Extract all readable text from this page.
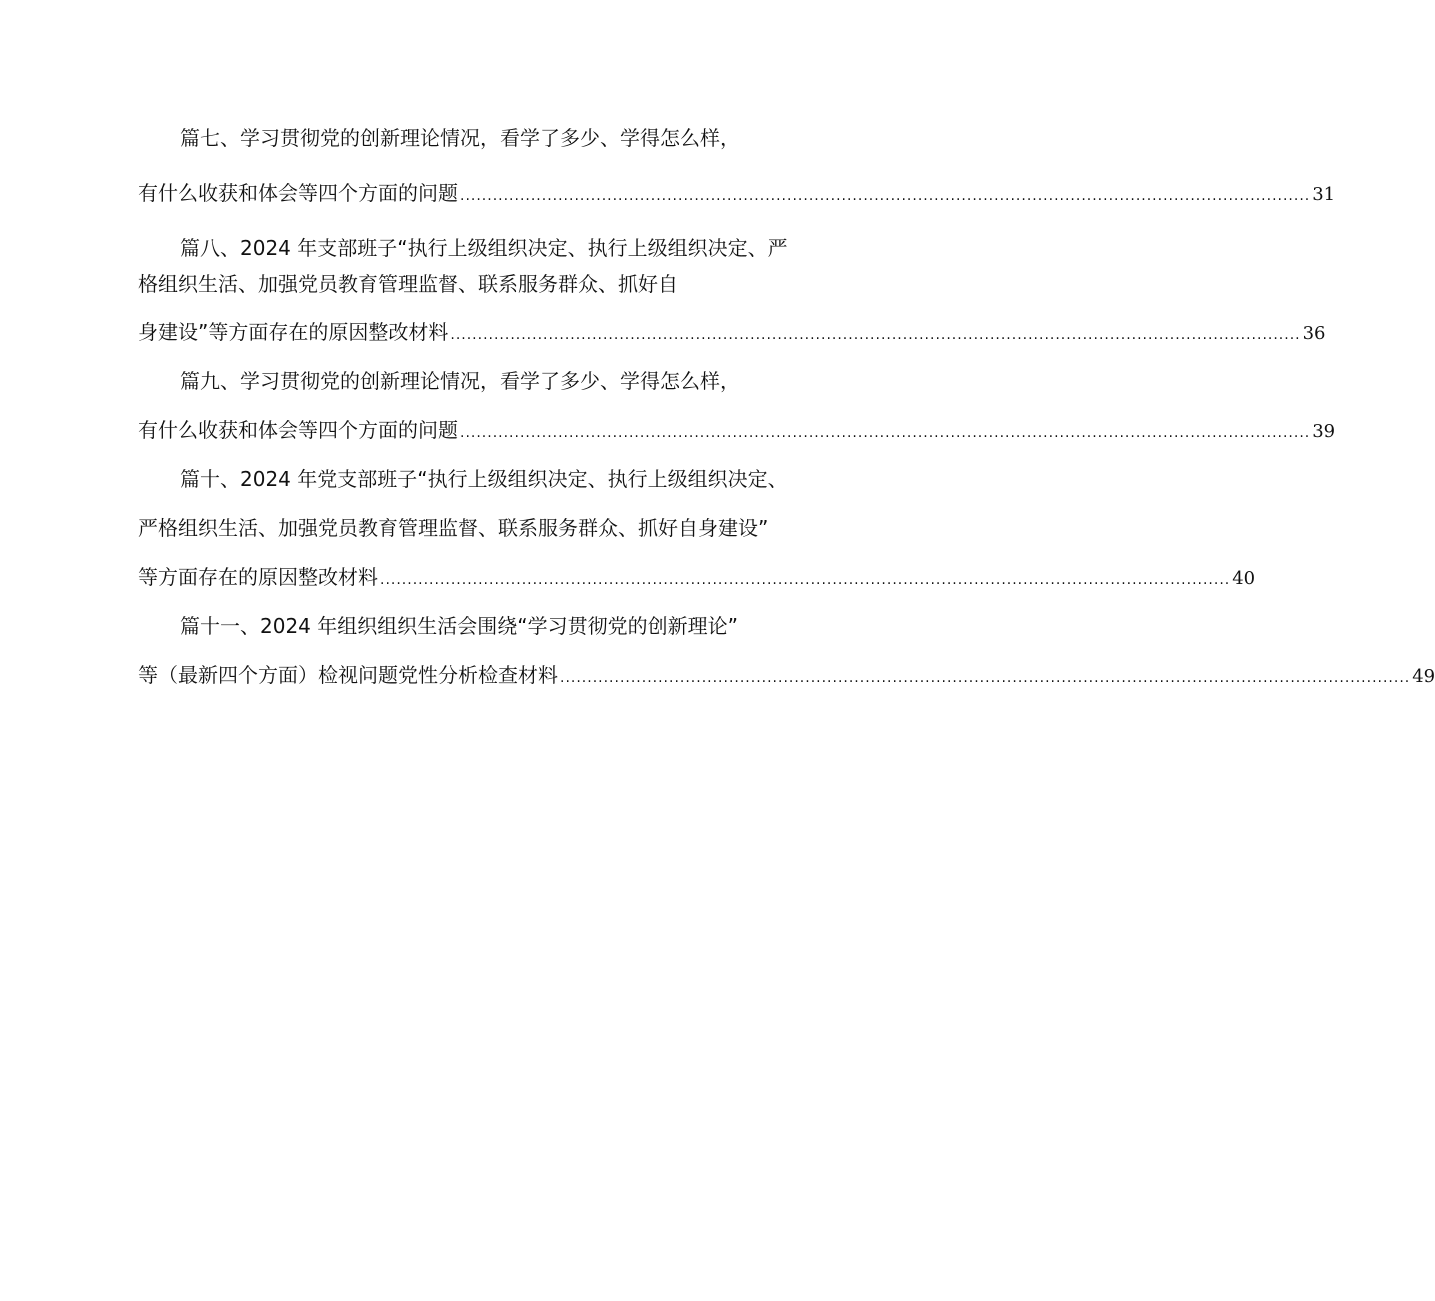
篇七、学习贯彻党的创新理论情况，看学了多少、学得怎么样，
有什么收获和体会等四个方面的问题 ............................................................................................................................................................ 31
篇八、2024 年支部班子“执行上级组织决定、执行上级组织决定、严
格组织生活、加强党员教育管理监督、联系服务群众、抓好自
身建设”等方面存在的原因整改材料 ............................................................................................................................................................ 36
篇九、学习贯彻党的创新理论情况，看学了多少、学得怎么样，
有什么收获和体会等四个方面的问题 ............................................................................................................................................................ 39
篇十、2024 年党支部班子“执行上级组织决定、执行上级组织决定、
严格组织生活、加强党员教育管理监督、联系服务群众、抓好自身建设”
等方面存在的原因整改材料 ............................................................................................................................................................ 40
篇十一、2024 年组织组织生活会围绕“学习贯彻党的创新理论”
等（最新四个方面）检视问题党性分析检查材料 ............................................................................................................................................................ 49
